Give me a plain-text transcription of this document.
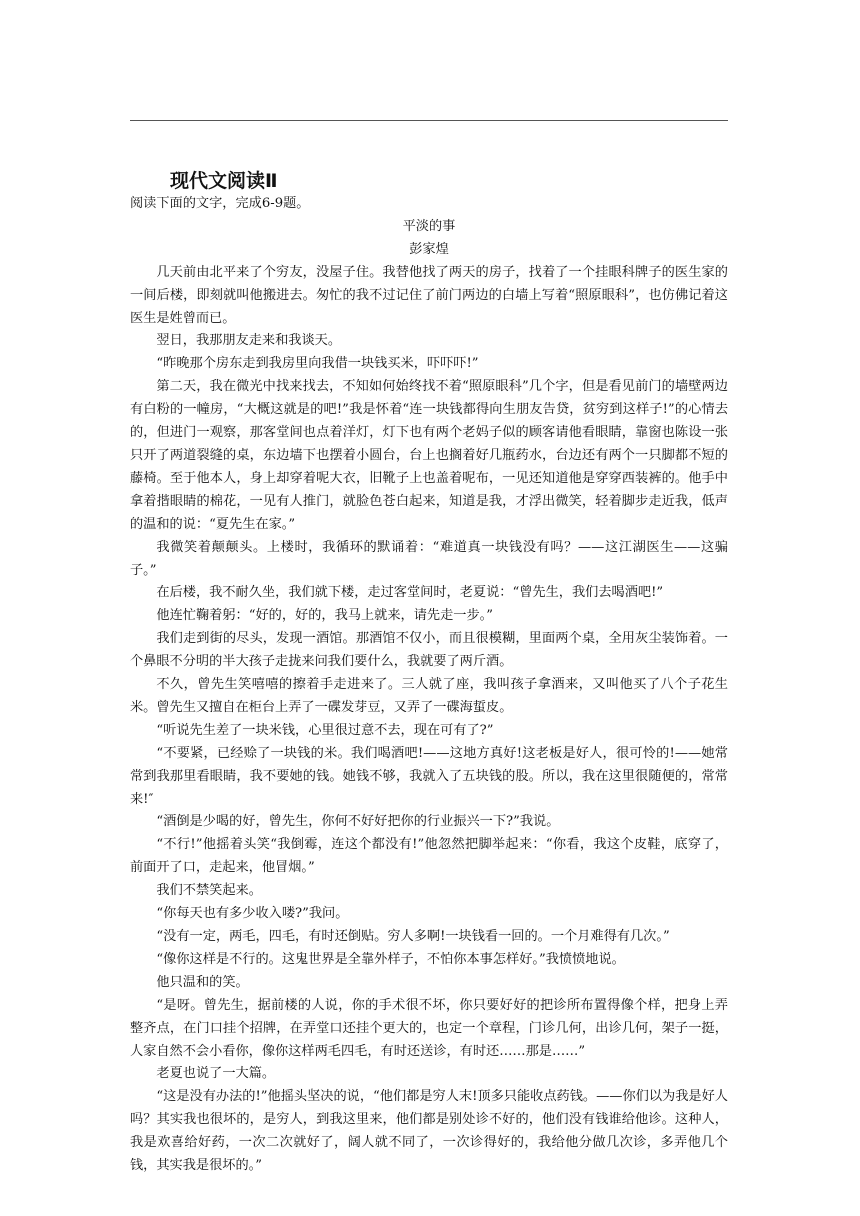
现代文阅读Ⅱ

阅读下面的文字，完成6-9题。

平淡的事

彭家煌

几天前由北平来了个穷友，没屋子住。我替他找了两天的房子，找着了一个挂眼科牌子的医生家的一间后楼，即刻就叫他搬进去。匆忙的我不过记住了前门两边的白墙上写着“照原眼科”，也仿佛记着这医生是姓曾而已。

翌日，我那朋友走来和我谈天。

“昨晚那个房东走到我房里向我借一块钱买米，吓吓吓!”

第二天，我在微光中找来找去，不知如何始终找不着“照原眼科”几个字，但是看见前门的墙壁两边有白粉的一幢房，“大概这就是的吧!”我是怀着“连一块钱都得向生朋友告贷，贫穷到这样子!”的心情去的，但进门一观察，那客堂间也点着洋灯，灯下也有两个老妈子似的顾客请他看眼睛，靠窗也陈设一张只开了两道裂缝的桌，东边墙下也摆着小圆台，台上也搁着好几瓶药水，台边还有两个一只脚都不短的藤椅。至于他本人，身上却穿着呢大衣，旧靴子上也盖着呢布，一见还知道他是穿穿西装裤的。他手中拿着揩眼睛的棉花，一见有人推门，就脸色苍白起来，知道是我，才浮出微笑，轻着脚步走近我，低声的温和的说：“夏先生在家。”

我微笑着颠颠头。上楼时，我循环的默诵着：“难道真一块钱没有吗？——这江湖医生——这骗子。”

在后楼，我不耐久坐，我们就下楼，走过客堂间时，老夏说：“曾先生，我们去喝酒吧!”

他连忙鞠着躬：“好的，好的，我马上就来，请先走一步。”

我们走到街的尽头，发现一酒馆。那酒馆不仅小，而且很模糊，里面两个桌，全用灰尘装饰着。一个鼻眼不分明的半大孩子走拢来问我们要什么，我就要了两斤酒。

不久，曾先生笑嘻嘻的擦着手走进来了。三人就了座，我叫孩子拿酒来，又叫他买了八个子花生米。曾先生又擅自在柜台上弄了一碟发芽豆，又弄了一碟海蜇皮。

“听说先生差了一块米钱，心里很过意不去，现在可有了?”

“不要紧，已经赊了一块钱的米。我们喝酒吧!——这地方真好!这老板是好人，很可怜的!——她常常到我那里看眼睛，我不要她的钱。她钱不够，我就入了五块钱的股。所以，我在这里很随便的，常常来!″

“酒倒是少喝的好，曾先生，你何不好好把你的行业振兴一下?”我说。

“不行!”他摇着头笑“我倒霉，连这个都没有!”他忽然把脚举起来：“你看，我这个皮鞋，底穿了，前面开了口，走起来，他冒烟。”

我们不禁笑起来。

“你每天也有多少收入喽?”我问。

“没有一定，两毛，四毛，有时还倒贴。穷人多啊!一块钱看一回的。一个月难得有几次。”

“像你这样是不行的。这鬼世界是全靠外样子，不怕你本事怎样好。”我愤愤地说。

他只温和的笑。

“是呀。曾先生，据前楼的人说，你的手术很不坏，你只要好好的把诊所布置得像个样，把身上弄整齐点，在门口挂个招牌，在弄堂口还挂个更大的，也定一个章程，门诊几何，出诊几何，架子一挺，人家自然不会小看你，像你这样两毛四毛，有时还送诊，有时还……那是……”

老夏也说了一大篇。

“这是没有办法的!”他摇头坚决的说，“他们都是穷人末!顶多只能收点药钱。——你们以为我是好人吗？其实我也很坏的，是穷人，到我这里来，他们都是别处诊不好的，他们没有钱谁给他诊。这种人，我是欢喜给好药，一次二次就好了，阔人就不同了，一次诊得好的，我给他分做几次诊，多弄他几个钱，其实我是很坏的。”
